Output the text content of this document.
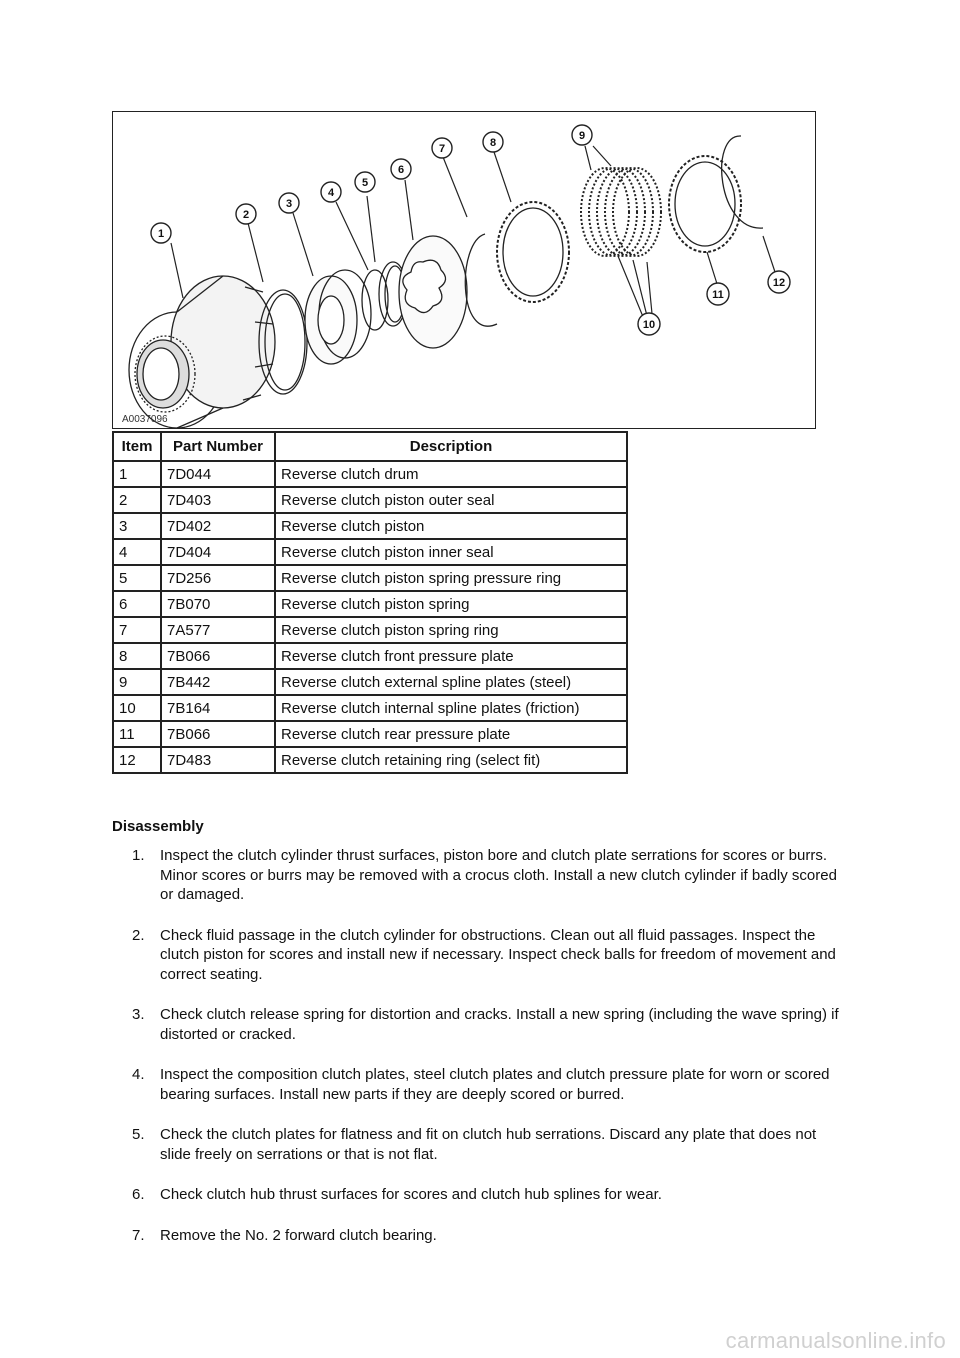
1
2
3
4
5
6
7	8
9
10
11
12
A0037096
Item	Part Number	Description
1	7D044	Reverse clutch drum
2	7D403	Reverse clutch piston outer seal
3	7D402	Reverse clutch piston
4	7D404	Reverse clutch piston inner seal
5	7D256	Reverse clutch piston spring pressure ring
6	7B070	Reverse clutch piston spring
7	7A577	Reverse clutch piston spring ring
8	7B066	Reverse clutch front pressure plate
9	7B442	Reverse clutch external spline plates (steel)
10	7B164	Reverse clutch internal spline plates (friction)
11	7B066	Reverse clutch rear pressure plate
12	7D483	Reverse clutch retaining ring (select fit)
Disassembly
1.	Inspect the clutch cylinder thrust surfaces, piston bore and clutch plate serrations for scores or burrs. Minor scores or burrs may be removed with a crocus cloth. Install a new clutch cylinder if badly scored or damaged.
2.	Check fluid passage in the clutch cylinder for obstructions. Clean out all fluid passages. Inspect the clutch piston for scores and install new if necessary. Inspect check balls for freedom of movement and correct seating.
3.	Check clutch release spring for distortion and cracks. Install a new spring (including the wave spring) if distorted or cracked.
4.	Inspect the composition clutch plates, steel clutch plates and clutch pressure plate for worn or scored bearing surfaces. Install new parts if they are deeply scored or burred.
5.	Check the clutch plates for flatness and fit on clutch hub serrations. Discard any plate that does not slide freely on serrations or that is not flat.
6.	Check clutch hub thrust surfaces for scores and clutch hub splines for wear.
7.	Remove the No. 2 forward clutch bearing.
carmanualsonline.info
